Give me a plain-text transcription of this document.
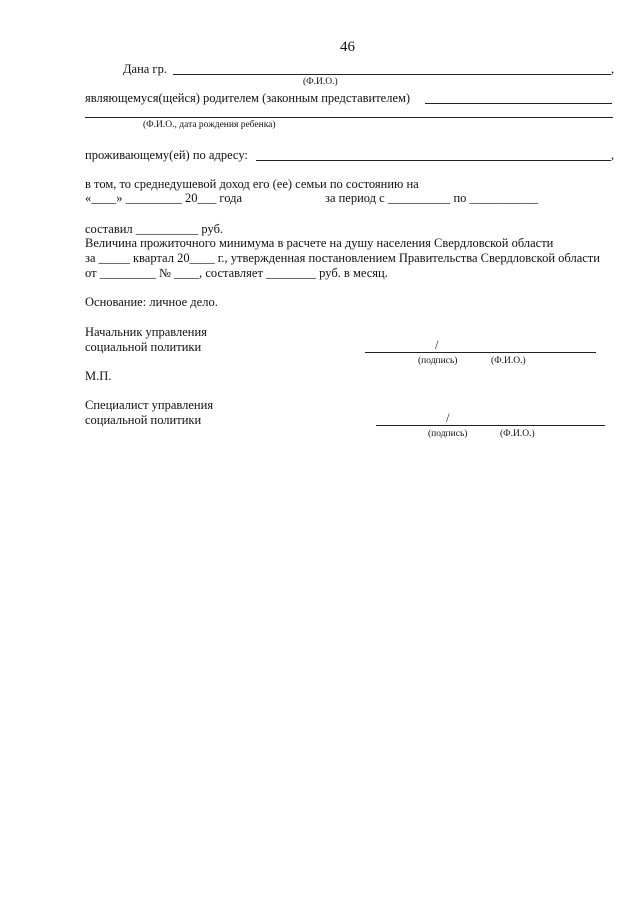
46
Дана гр.	,
(Ф.И.О.)
являющемуся(щейся) родителем (законным представителем)
(Ф.И.О., дата рождения ребенка)
проживающему(ей) по адресу:	,
в том, то среднедушевой доход его (ее) семьи по состоянию на
«____» _________ 20___ года	за период с __________ по ___________
составил __________ руб.
Величина прожиточного минимума в расчете на душу населения Свердловской области
за _____ квартал 20____ г., утвержденная постановлением Правительства Свердловской области
от _________ № ____, составляет ________ руб. в месяц.
Основание: личное дело.
Начальник управления
социальной политики	/
(подпись)	(Ф.И.О.)
М.П.
Специалист управления
социальной политики	/
(подпись)	(Ф.И.О.)
